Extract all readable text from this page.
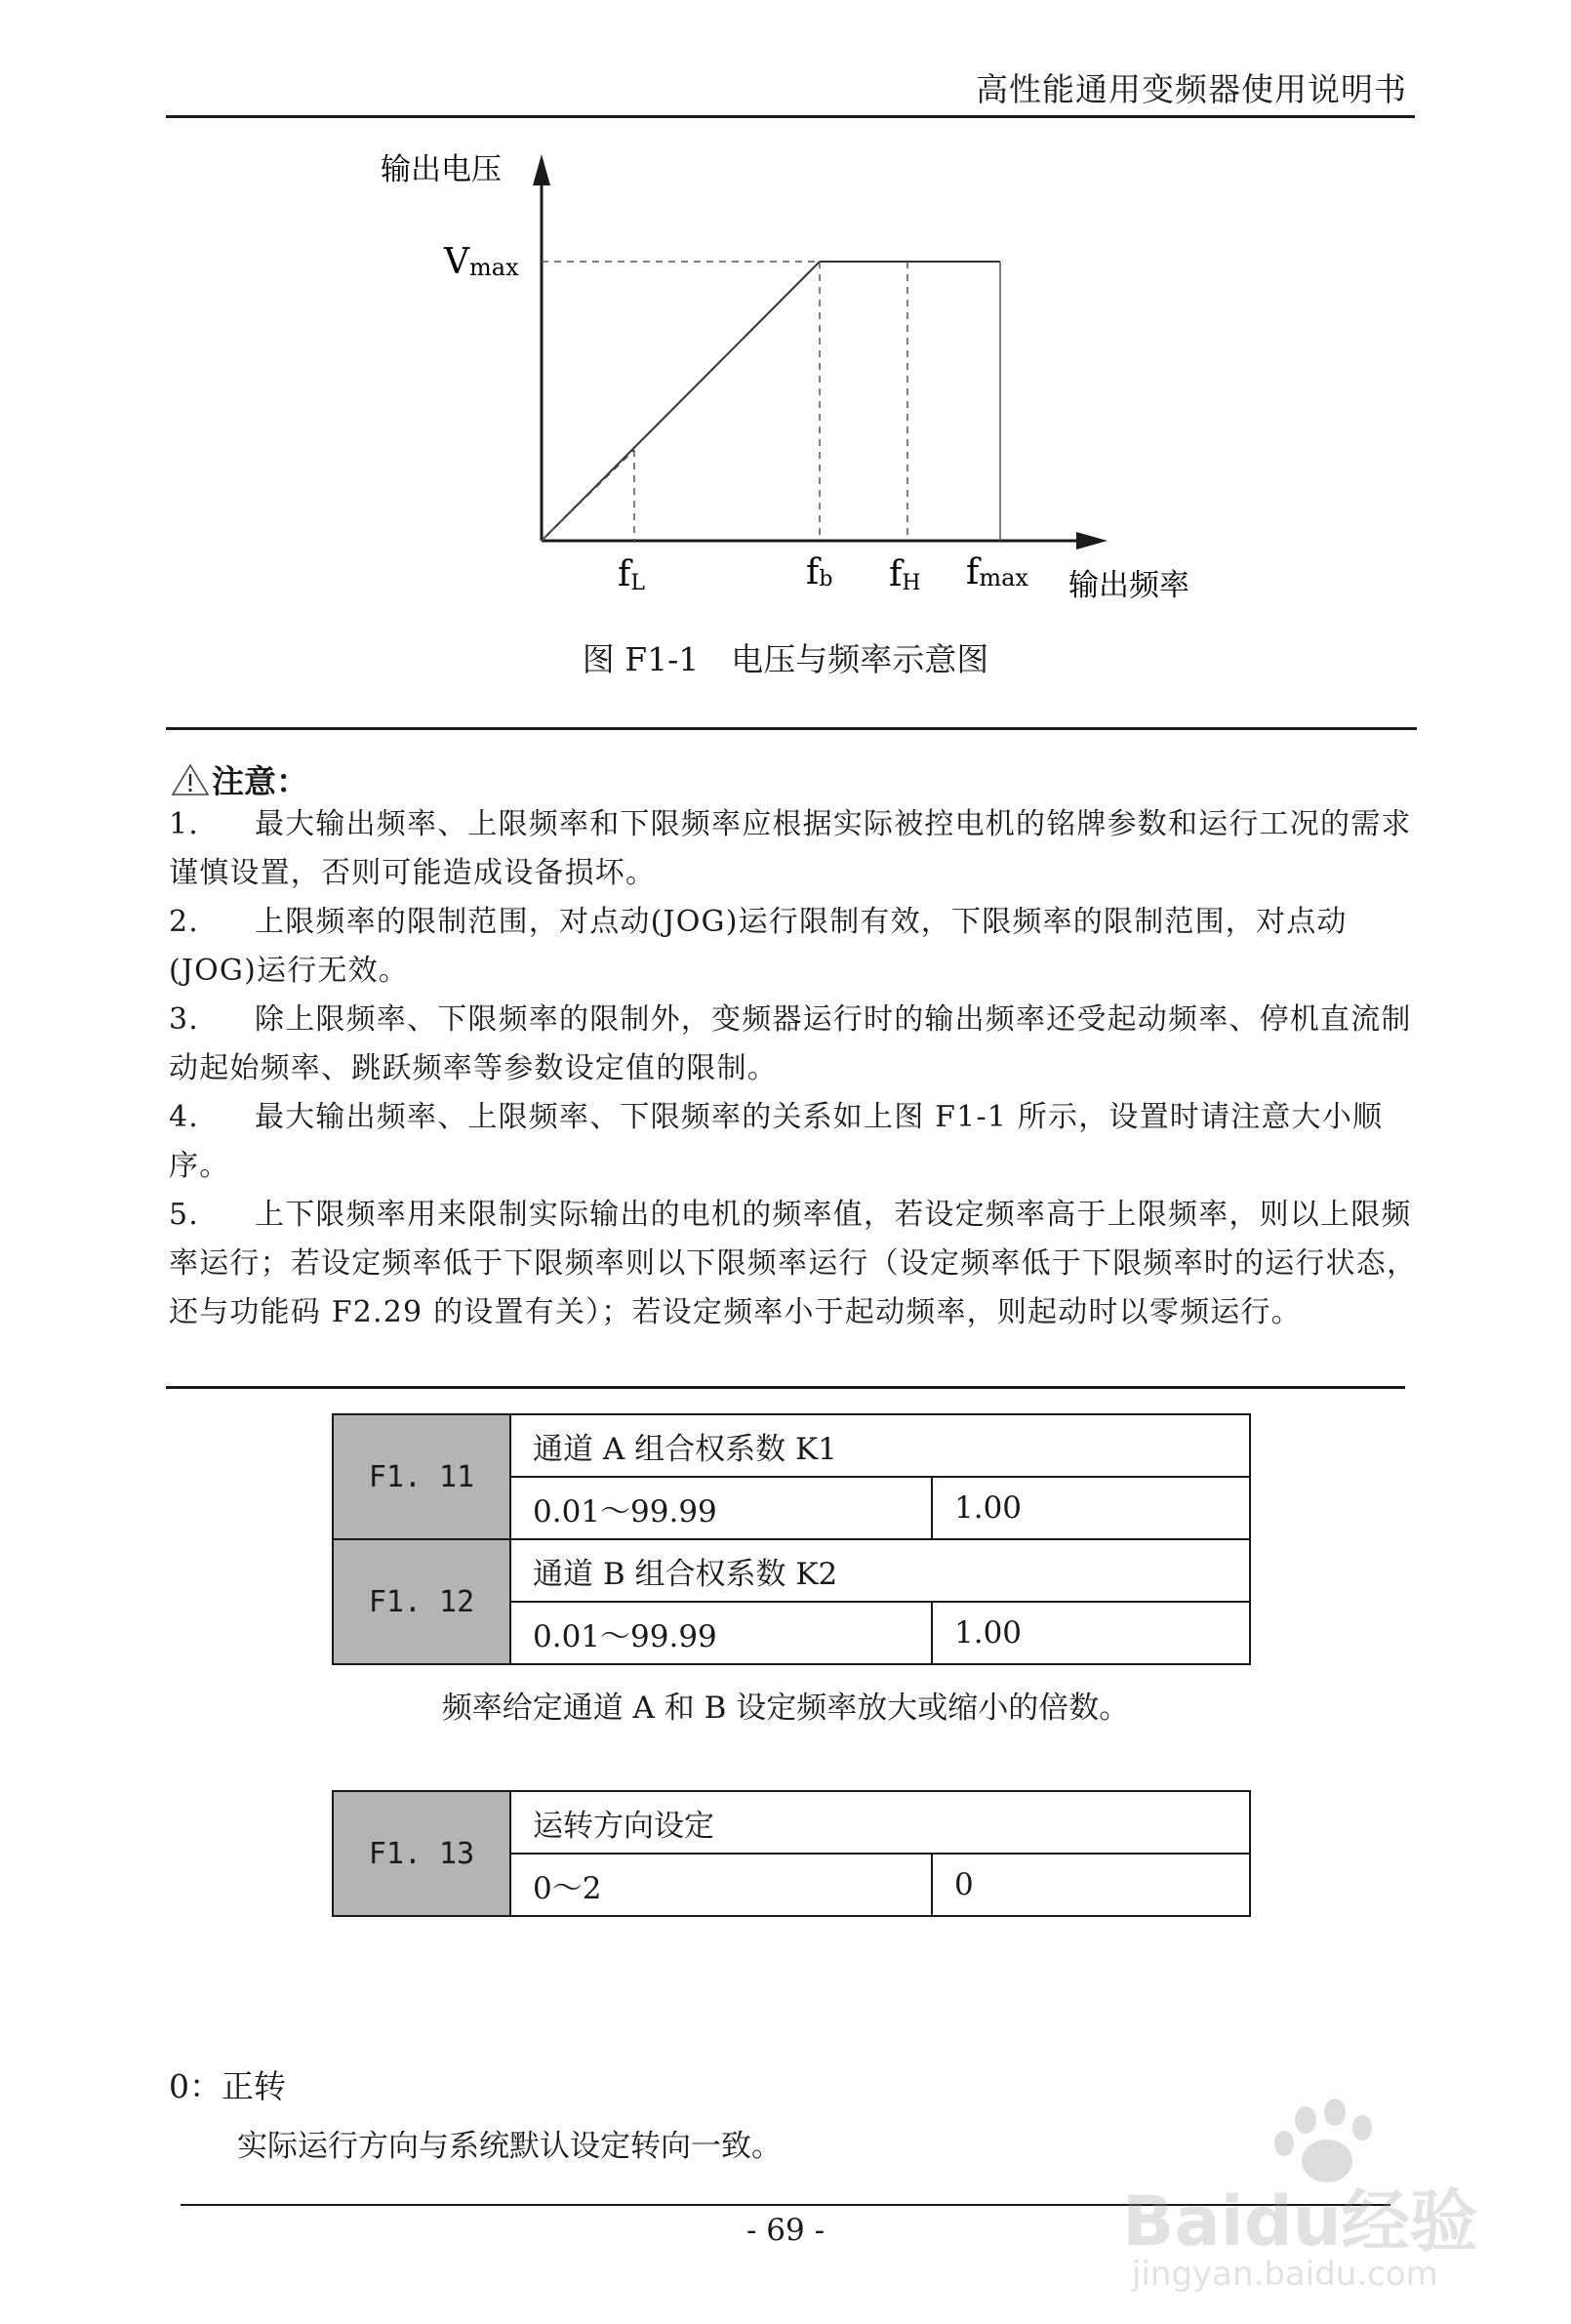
高性能通用变频器使用说明书
输出电压
输出频率
Vmax
fL	fb fH fmax
图 F1-1　电压与频率示意图
注意：

1. 最大输出频率、上限频率和下限频率应根据实际被控电机的铭牌参数和运行工况的需求谨慎设置，否则可能造成设备损坏。

2. 上限频率的限制范围，对点动(JOG)运行限制有效，下限频率的限制范围，对点动(JOG)运行无效。

3. 除上限频率、下限频率的限制外，变频器运行时的输出频率还受起动频率、停机直流制动起始频率、跳跃频率等参数设定值的限制。

4. 最大输出频率、上限频率、下限频率的关系如上图 F1-1 所示，设置时请注意大小顺序。

5. 上下限频率用来限制实际输出的电机的频率值，若设定频率高于上限频率，则以上限频率运行；若设定频率低于下限频率则以下限频率运行（设定频率低于下限频率时的运行状态，还与功能码 F2.29 的设置有关）；若设定频率小于起动频率，则起动时以零频运行。

F1. 11	通道 A 组合权系数 K1	
	0.01～99.99	1.00
F1. 12	通道 B 组合权系数 K2	
	0.01～99.99	1.00
频率给定通道 A 和 B 设定频率放大或缩小的倍数。
F1. 13	运转方向设定	
	0～2	0
0：正转
实际运行方向与系统默认设定转向一致。
- 69 -	Baidu经验
jingyan.baidu.com
